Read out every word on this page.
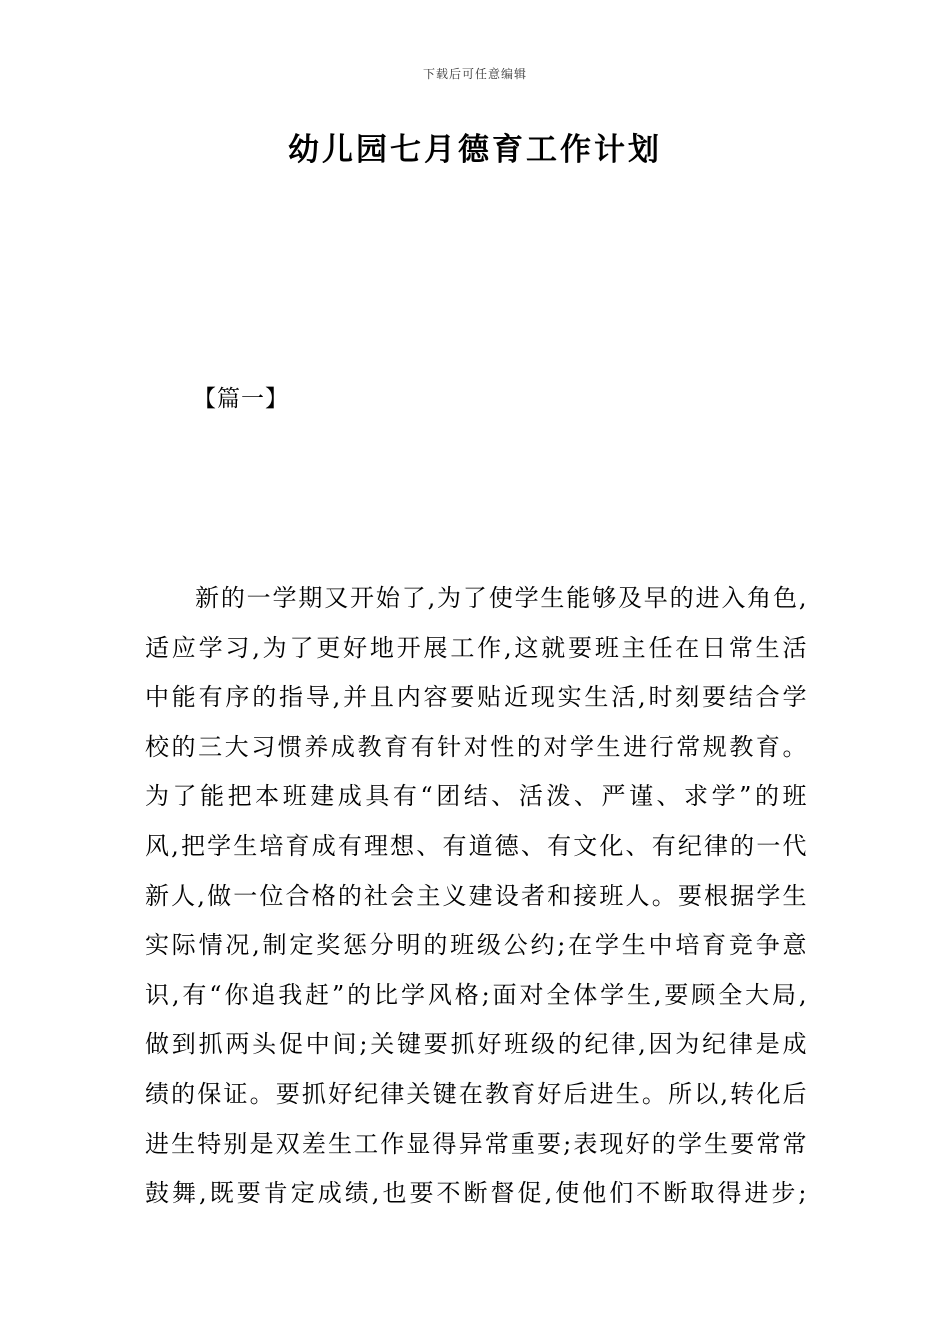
下载后可任意编辑
幼儿园七月德育工作计划
【篇一】
新的一学期又开始了,为了使学生能够及早的进入角色,
适应学习,为了更好地开展工作,这就要班主任在日常生活
中能有序的指导,并且内容要贴近现实生活,时刻要结合学
校的三大习惯养成教育有针对性的对学生进行常规教育。
为了能把本班建成具有“团结、活泼、严谨、求学”的班
风,把学生培育成有理想、有道德、有文化、有纪律的一代
新人,做一位合格的社会主义建设者和接班人。要根据学生
实际情况,制定奖惩分明的班级公约;在学生中培育竞争意
识,有“你追我赶”的比学风格;面对全体学生,要顾全大局,
做到抓两头促中间;关键要抓好班级的纪律,因为纪律是成
绩的保证。要抓好纪律关键在教育好后进生。所以,转化后
进生特别是双差生工作显得异常重要;表现好的学生要常常
鼓舞,既要肯定成绩,也要不断督促,使他们不断取得进步;
